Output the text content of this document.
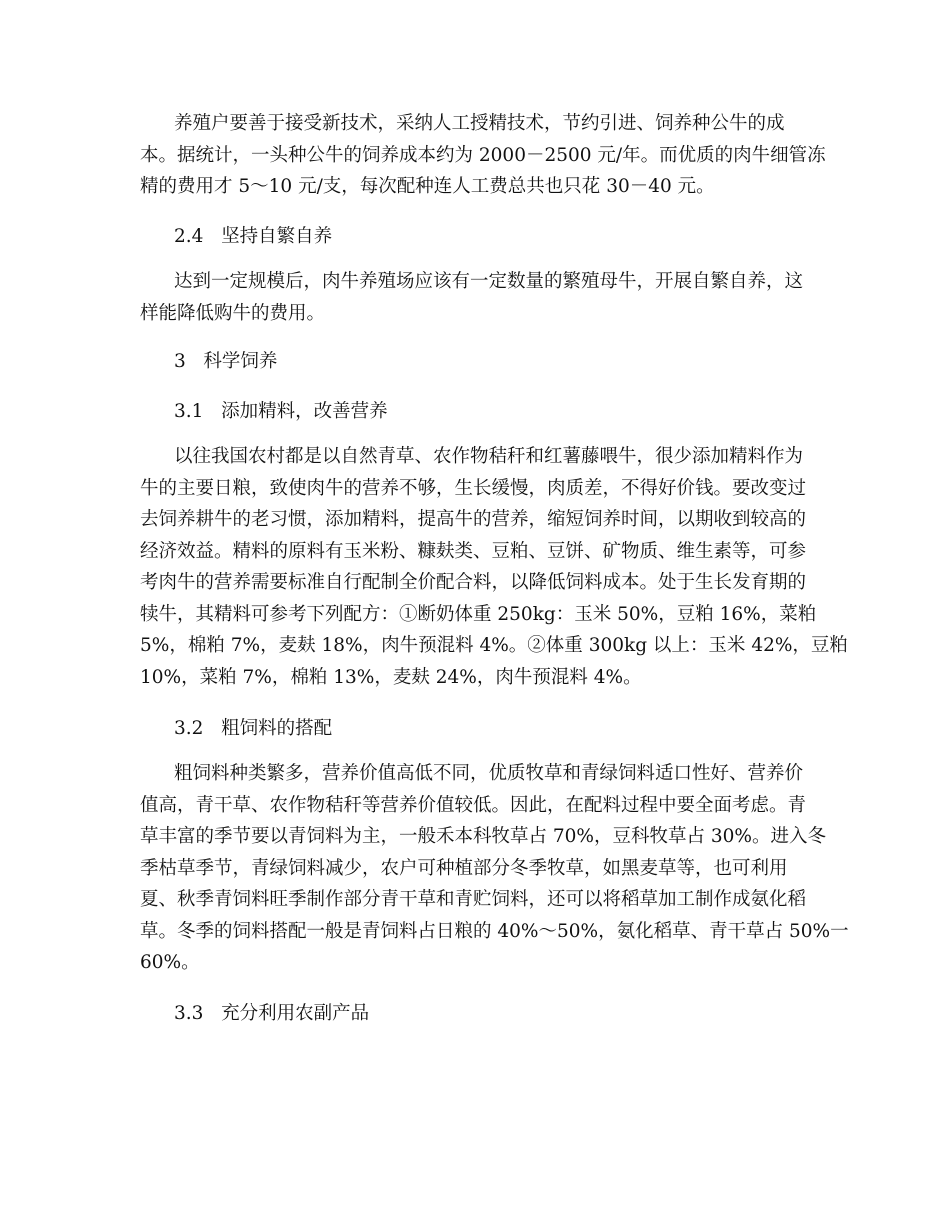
养殖户要善于接受新技术，采纳人工授精技术，节约引进、饲养种公牛的成
本。据统计，一头种公牛的饲养成本约为 2000－2500 元/年。而优质的肉牛细管冻
精的费用才 5～10 元/支，每次配种连人工费总共也只花 30－40 元。

2.4   坚持自繁自养

达到一定规模后，肉牛养殖场应该有一定数量的繁殖母牛，开展自繁自养，这
样能降低购牛的费用。

3   科学饲养

3.1   添加精料，改善营养

以往我国农村都是以自然青草、农作物秸秆和红薯藤喂牛，很少添加精料作为
牛的主要日粮，致使肉牛的营养不够，生长缓慢，肉质差，不得好价钱。要改变过
去饲养耕牛的老习惯，添加精料，提高牛的营养，缩短饲养时间，以期收到较高的
经济效益。精料的原料有玉米粉、糠麸类、豆粕、豆饼、矿物质、维生素等，可参
考肉牛的营养需要标准自行配制全价配合料，以降低饲料成本。处于生长发育期的
犊牛，其精料可参考下列配方：①断奶体重 250kg：玉米 50%，豆粕 16%，菜粕
5%，棉粕 7%，麦麸 18%，肉牛预混料 4%。②体重 300kg 以上：玉米 42%，豆粕
10%，菜粕 7%，棉粕 13%，麦麸 24%，肉牛预混料 4%。

3.2   粗饲料的搭配

粗饲料种类繁多，营养价值高低不同，优质牧草和青绿饲料适口性好、营养价
值高，青干草、农作物秸秆等营养价值较低。因此，在配料过程中要全面考虑。青
草丰富的季节要以青饲料为主，一般禾本科牧草占 70%，豆科牧草占 30%。进入冬
季枯草季节，青绿饲料减少，农户可种植部分冬季牧草，如黑麦草等，也可利用
夏、秋季青饲料旺季制作部分青干草和青贮饲料，还可以将稻草加工制作成氨化稻
草。冬季的饲料搭配一般是青饲料占日粮的 40%～50%，氨化稻草、青干草占 50%一
60%。

3.3   充分利用农副产品
